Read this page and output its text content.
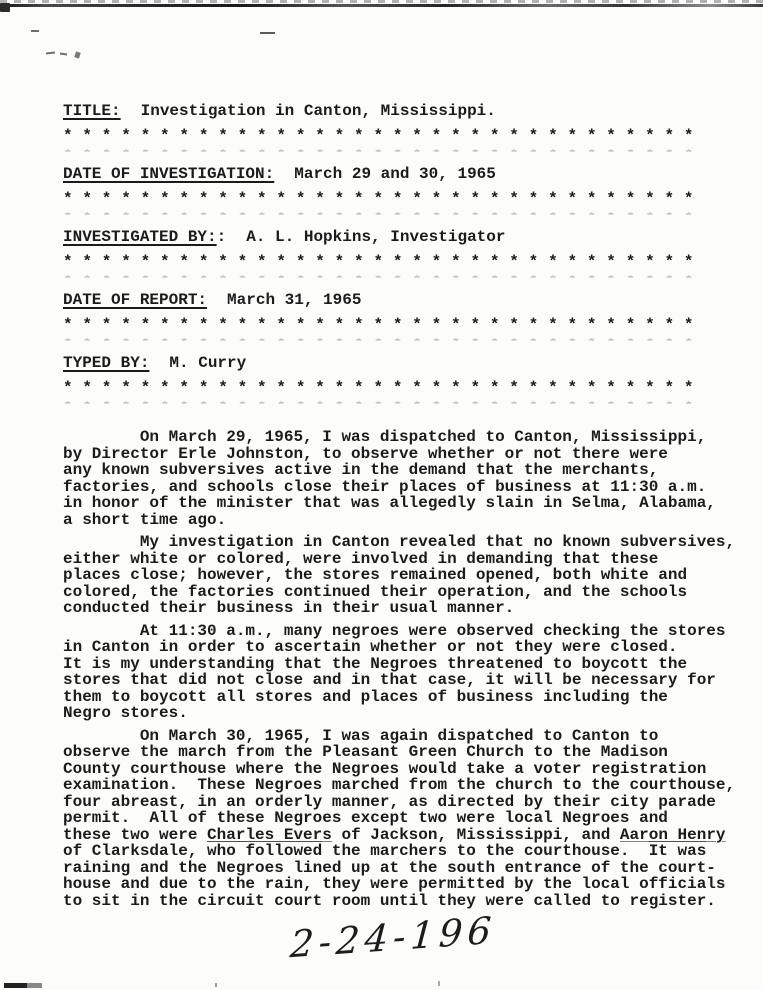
TITLE: Investigation in Canton, Mississippi.
* * * * * * * * * * * * * * * * * * * * * * * * * * * * * * * * *
* * * * * * * * * * * * * * * * * * * * * * * * * * * * * * * * *
DATE OF INVESTIGATION: March 29 and 30, 1965
* * * * * * * * * * * * * * * * * * * * * * * * * * * * * * * * *
* * * * * * * * * * * * * * * * * * * * * * * * * * * * * * * * *
INVESTIGATED BY:: A. L. Hopkins, Investigator
* * * * * * * * * * * * * * * * * * * * * * * * * * * * * * * * *
* * * * * * * * * * * * * * * * * * * * * * * * * * * * * * * * *
DATE OF REPORT: March 31, 1965
* * * * * * * * * * * * * * * * * * * * * * * * * * * * * * * * *
* * * * * * * * * * * * * * * * * * * * * * * * * * * * * * * * *
TYPED BY: M. Curry
* * * * * * * * * * * * * * * * * * * * * * * * * * * * * * * * *
* * * * * * * * * * * * * * * * * * * * * * * * * * * * * * * * *
On March 29, 1965, I was dispatched to Canton, Mississippi,
by Director Erle Johnston, to observe whether or not there were
any known subversives active in the demand that the merchants,
factories, and schools close their places of business at 11:30 a.m.
in honor of the minister that was allegedly slain in Selma, Alabama,
a short time ago.
My investigation in Canton revealed that no known subversives,
either white or colored, were involved in demanding that these
places close; however, the stores remained opened, both white and
colored, the factories continued their operation, and the schools
conducted their business in their usual manner.
At 11:30 a.m., many negroes were observed checking the stores
in Canton in order to ascertain whether or not they were closed.
It is my understanding that the Negroes threatened to boycott the
stores that did not close and in that case, it will be necessary for
them to boycott all stores and places of business including the
Negro stores.
On March 30, 1965, I was again dispatched to Canton to
observe the march from the Pleasant Green Church to the Madison
County courthouse where the Negroes would take a voter registration
examination.  These Negroes marched from the church to the courthouse,
four abreast, in an orderly manner, as directed by their city parade
permit.  All of these Negroes except two were local Negroes and
these two were Charles Evers of Jackson, Mississippi, and Aaron Henry
of Clarksdale, who followed the marchers to the courthouse.  It was
raining and the Negroes lined up at the south entrance of the court-
house and due to the rain, they were permitted by the local officials
to sit in the circuit court room until they were called to register.
2-24-196
